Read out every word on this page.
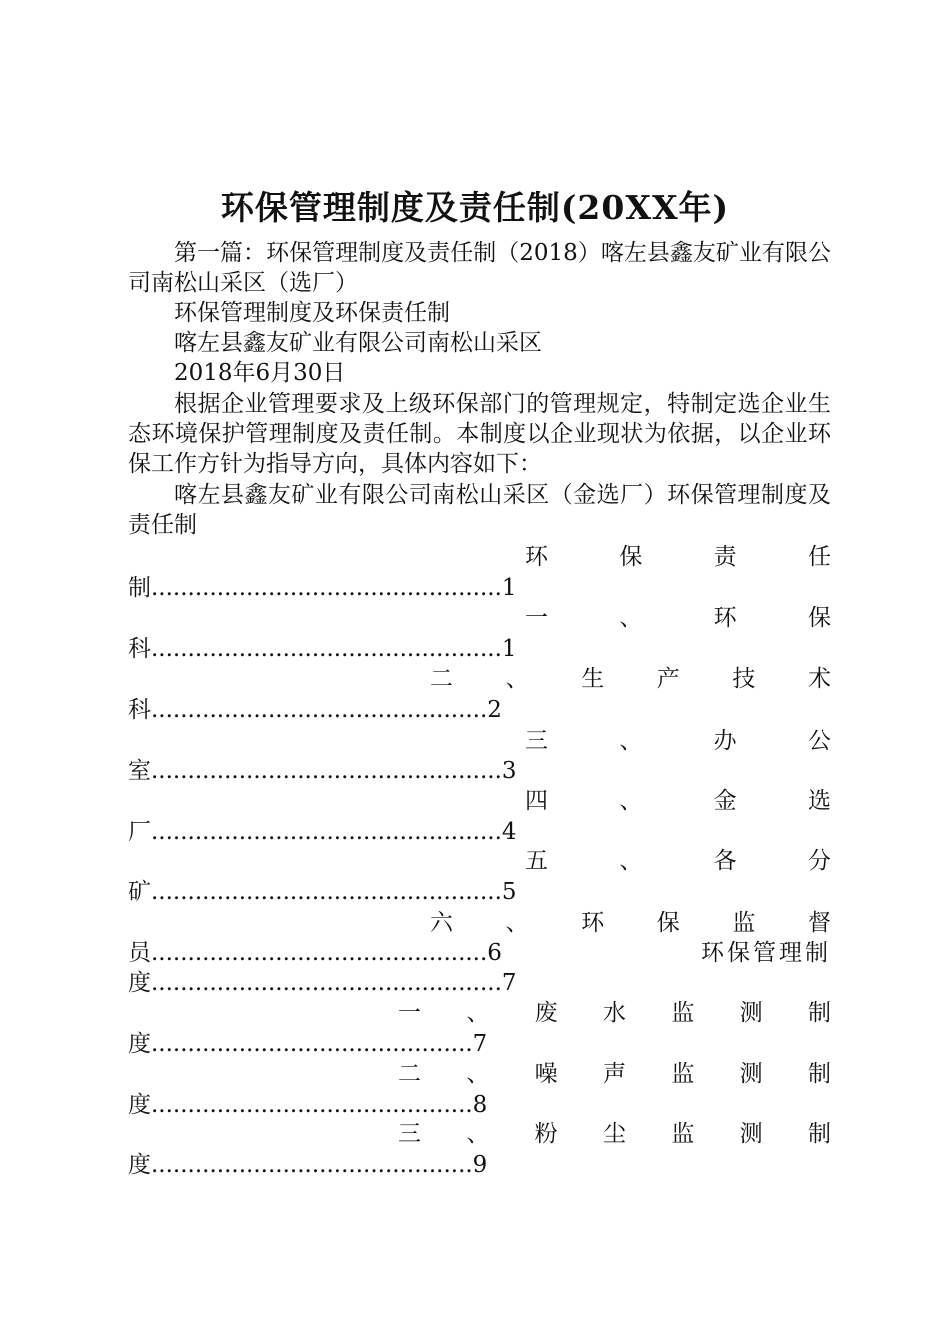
环保管理制度及责任制(20XX年)
第一篇：环保管理制度及责任制（2018）喀左县鑫友矿业有限公司南松山采区（选厂）
环保管理制度及环保责任制
喀左县鑫友矿业有限公司南松山采区
2018年6月30日
根据企业管理要求及上级环保部门的管理规定，特制定选企业生态环境保护管理制度及责任制。本制度以企业现状为依据，以企业环保工作方针为指导方向，具体内容如下：
喀左县鑫友矿业有限公司南松山采区（金选厂）环保管理制度及责任制
环	保	责	任
制................................................1
一	、	环	保
科................................................1
二 、 生 产 技 术
科..............................................2
三	、	办	公
室................................................3
四	、	金	选
厂................................................4
五	、	各	分
矿................................................5
六 、 环 保 监 督
员..............................................6	环保管理制
度................................................7
一 、 废 水 监 测 制
度............................................7
二 、 噪 声 监 测 制
度............................................8
三 、 粉 尘 监 测 制
度............................................9
